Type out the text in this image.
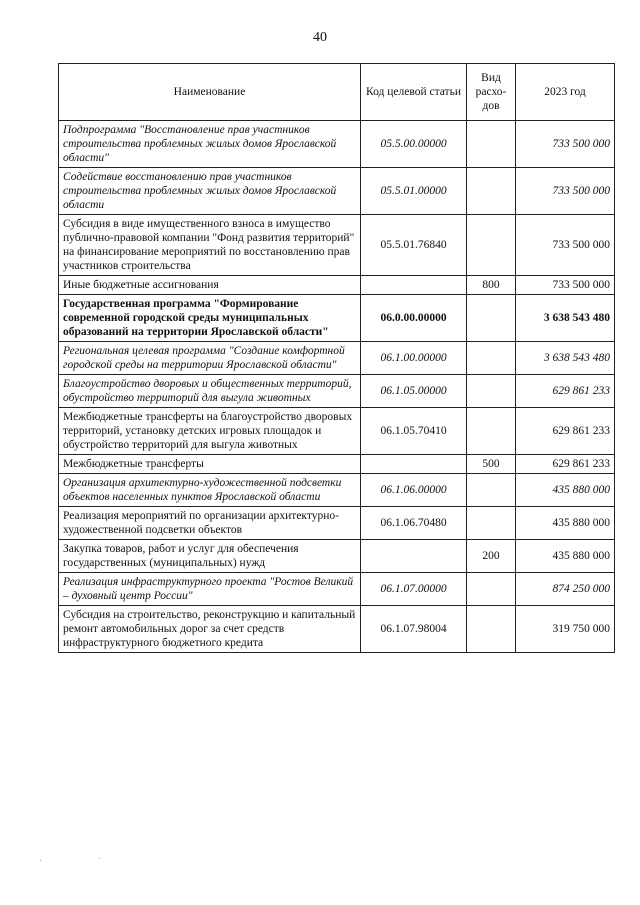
40
Наименование	Код целевой статьи	Вид расхо-дов	2023 год
Подпрограмма "Восстановление прав участников строительства проблемных жилых домов Ярославской области"	05.5.00.00000		733 500 000
Содействие восстановлению прав участников строительства проблемных жилых домов Ярославской области	05.5.01.00000		733 500 000
Субсидия в виде имущественного взноса в имущество публично-правовой компании "Фонд развития территорий" на финансирование мероприятий по восстановлению прав участников строительства	05.5.01.76840		733 500 000
Иные бюджетные ассигнования		800	733 500 000
Государственная программа "Формирование современной городской среды муниципальных образований на территории Ярославской области"	06.0.00.00000		3 638 543 480
Региональная целевая программа "Создание комфортной городской среды на территории Ярославской области"	06.1.00.00000		3 638 543 480
Благоустройство дворовых и общественных территорий, обустройство территорий для выгула животных	06.1.05.00000		629 861 233
Межбюджетные трансферты на благоустройство дворовых территорий, установку детских игровых площадок и обустройство территорий для выгула животных	06.1.05.70410		629 861 233
Межбюджетные трансферты		500	629 861 233
Организация архитектурно-художественной подсветки объектов населенных пунктов Ярославской области	06.1.06.00000		435 880 000
Реализация мероприятий по организации архитектурно-художественной подсветки объектов	06.1.06.70480		435 880 000
Закупка товаров, работ и услуг для обеспечения государственных (муниципальных) нужд		200	435 880 000
Реализация инфраструктурного проекта "Ростов Великий – духовный центр России"	06.1.07.00000		874 250 000
Субсидия на строительство, реконструкцию и капитальный ремонт автомобильных дорог за счет средств инфраструктурного бюджетного кредита	06.1.07.98004		319 750 000
·
'
